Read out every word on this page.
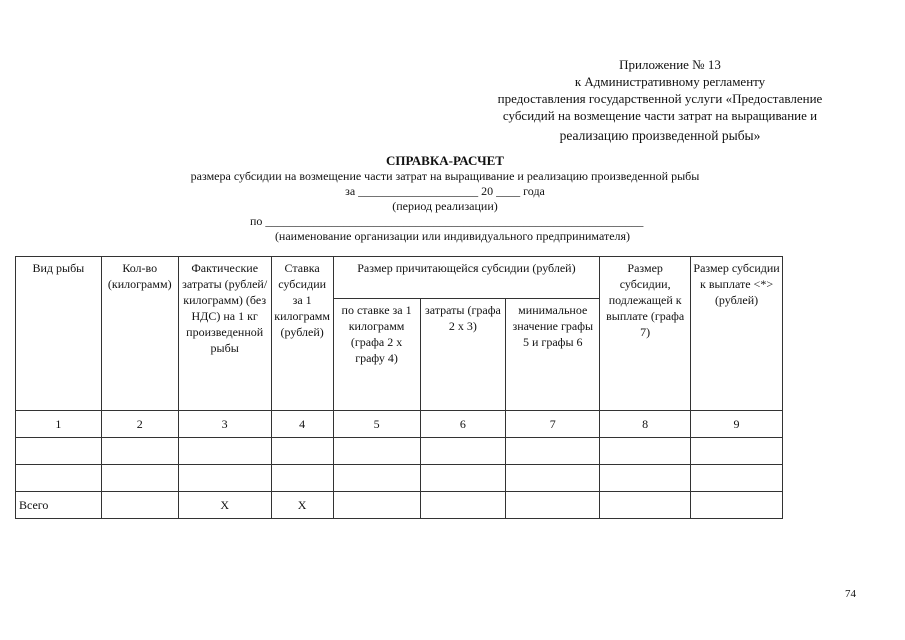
Приложение № 13
к Административному регламенту
предоставления государственной услуги «Предоставление
субсидий на возмещение части затрат на выращивание и
реализацию произведенной рыбы»
СПРАВКА-РАСЧЕТ
размера субсидии на возмещение части затрат на выращивание и реализацию произведенной рыбы
за ____________________ 20 ____ года
(период реализации)
по _______________________________________________________________
(наименование организации или индивидуального предпринимателя)
Вид рыбы	Кол-во (килограмм)	Фактические затраты (рублей/килограмм) (без НДС) на 1 кг произведенной рыбы	Ставка субсидии за 1 килограмм (рублей)	Размер причитающейся субсидии (рублей)			Размер субсидии, подлежащей к выплате (графа 7)	Размер субсидии к выплате <*> (рублей)
				по ставке за 1 килограмм (графа 2 х графу 4)	затраты (графа 2 х 3)	минимальное значение графы 5 и графы 6		
1	2	3	4	5	6	7	8	9

Всего		Х	Х					
74
